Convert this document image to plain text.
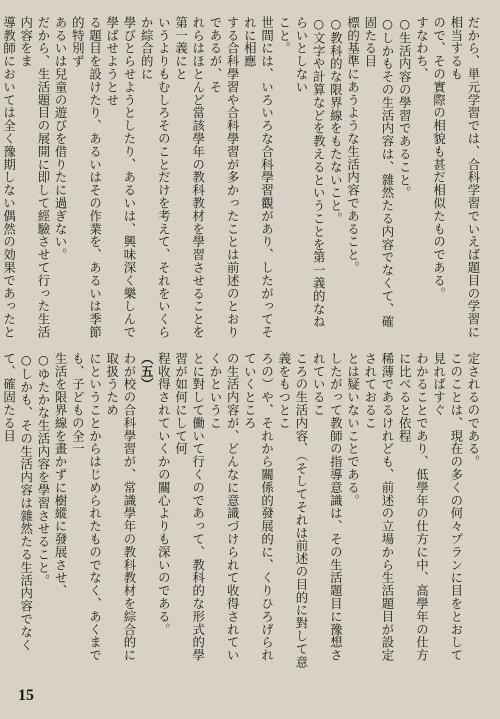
だから、単元学習では、合科学習でいえば題目の学習に相当するも
ので、その實際の相貌も甚だ相似たものである。
すなわち、
○生活内容の學習であること。
○しかもその生活内容は、雜然たる内容でなくて、確固たる目
標的基準にあうような生活内容であること。
○教科的な限界線をもたないこと。
○文字や計算などを教えるということを第一義的なねらいとしない
こと。
世間には、いろいろな合科學習觀があり、したがってそれに相應
する合科學習や合科學習が多かったことは前述のとおりであるが、そ
れらはほとんど當該學年の教科教材を學習させることを第一義にと
いうよりもむしろそのことだけを考えて、それをいくらか綜合的に
學びとらせようとしたり、あるいは、興味深く樂しんで學ばせようとせ
る題目を設けたり、あるいはその作業を、あるいは季節的特別ず
あるいは兒童の遊びを借りたに過ぎない。
だから、生活題目の展開に即して經驗させて行った生活内容をま
導教師においては全く豫期しない偶然の効果であったと
定されるのである。
このことは、現在の多くの何々プランに目をとおして見ればすぐ
わかることであり、低學年の仕方に中、高學年の仕方に比べると依程
稀薄であるけれども、前述の立場から生活題目が設定されておるこ
とは疑いないことである。
したがって教師の指導意識は、その生活題目に豫想されているこ
ころの生活内容、（そしてそれは前述の目的に對して意義をもつとこ
ろの）や、それから關係的發展的に、くりひろげられていくところ
の生活内容が、どんなに意識づけられて收得されていくかというこ
とに對して働いて行くのであって、教科的な形式的學習が如何にして何
程收得されていくかの關心よりも深いのである。
（五）
わが校の合科學習が、常識學年の教科教材を綜合的に取扱うため
にということからはじめられたものでなく、あくまでも、子どもの全一
生活を限界線を畫かずに樹縱に發展させ、
○ゆたかな生活内容を學習させること。
○しかも、その生活内容は雜然たる生活内容でなくて、確固たる目
15
